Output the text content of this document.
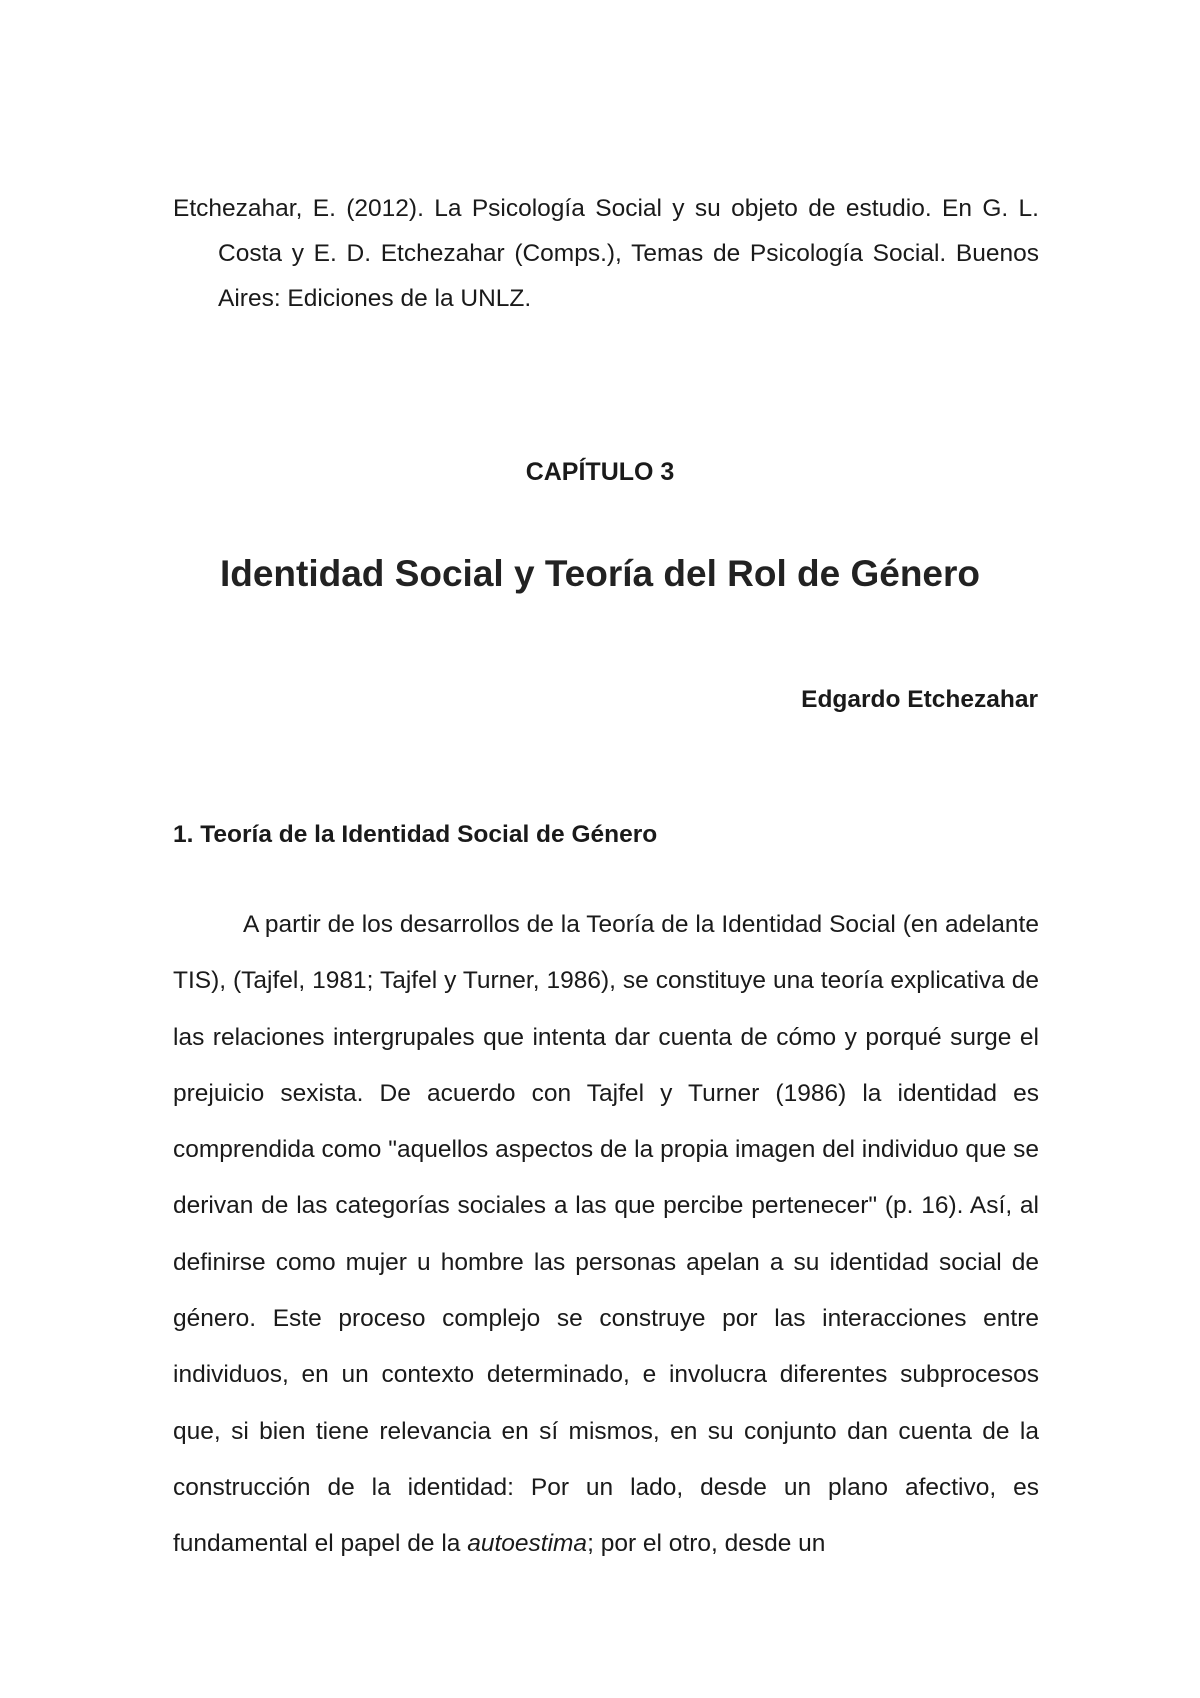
Etchezahar, E. (2012). La Psicología Social y su objeto de estudio. En G. L. Costa y E. D. Etchezahar (Comps.), Temas de Psicología Social. Buenos Aires: Ediciones de la UNLZ.

CAPÍTULO 3
Identidad Social y Teoría del Rol de Género

Edgardo Etchezahar

1. Teoría de la Identidad Social de Género

A partir de los desarrollos de la Teoría de la Identidad Social (en adelante TIS), (Tajfel, 1981; Tajfel y Turner, 1986), se constituye una teoría explicativa de las relaciones intergrupales que intenta dar cuenta de cómo y porqué surge el prejuicio sexista. De acuerdo con Tajfel y Turner (1986) la identidad es comprendida como "aquellos aspectos de la propia imagen del individuo que se derivan de las categorías sociales a las que percibe pertenecer" (p. 16). Así, al definirse como mujer u hombre las personas apelan a su identidad social de género. Este proceso complejo se construye por las interacciones entre individuos, en un contexto determinado, e involucra diferentes subprocesos que, si bien tiene relevancia en sí mismos, en su conjunto dan cuenta de la construcción de la identidad: Por un lado, desde un plano afectivo, es fundamental el papel de la autoestima; por el otro, desde un
